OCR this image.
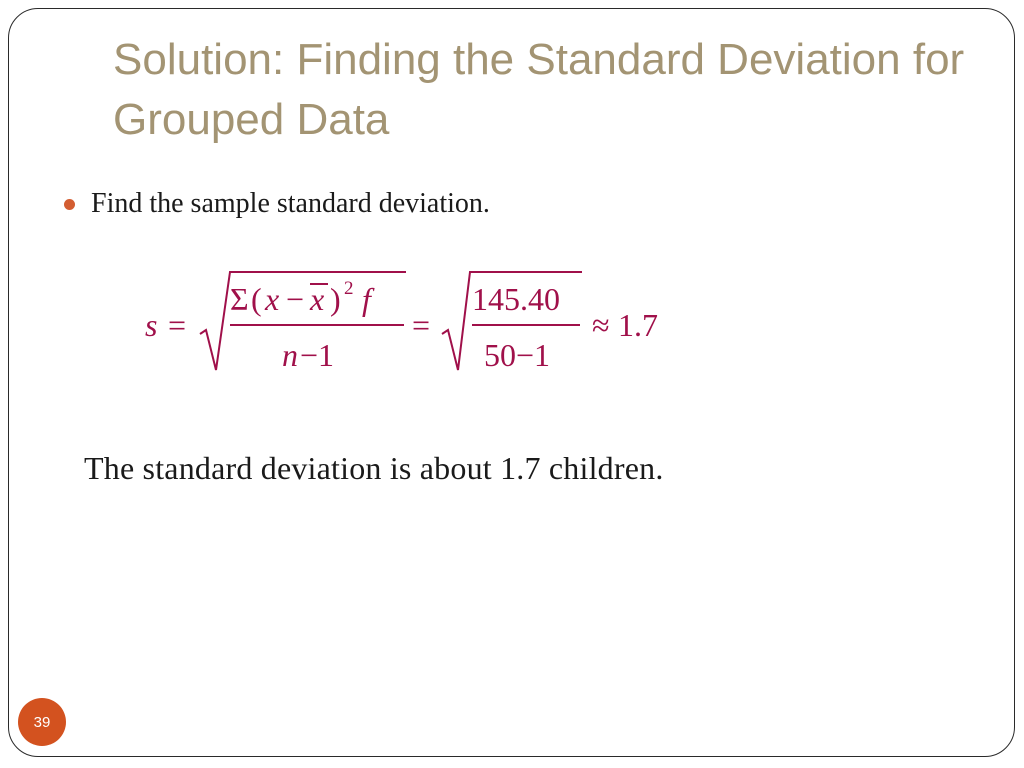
Solution: Finding the Standard Deviation for Grouped Data
Find the sample standard deviation.
s =
Σ ( x − x ) 2 f
n −1
=
145.40
50−1
≈ 1.7
The standard deviation is about 1.7 children.
39
